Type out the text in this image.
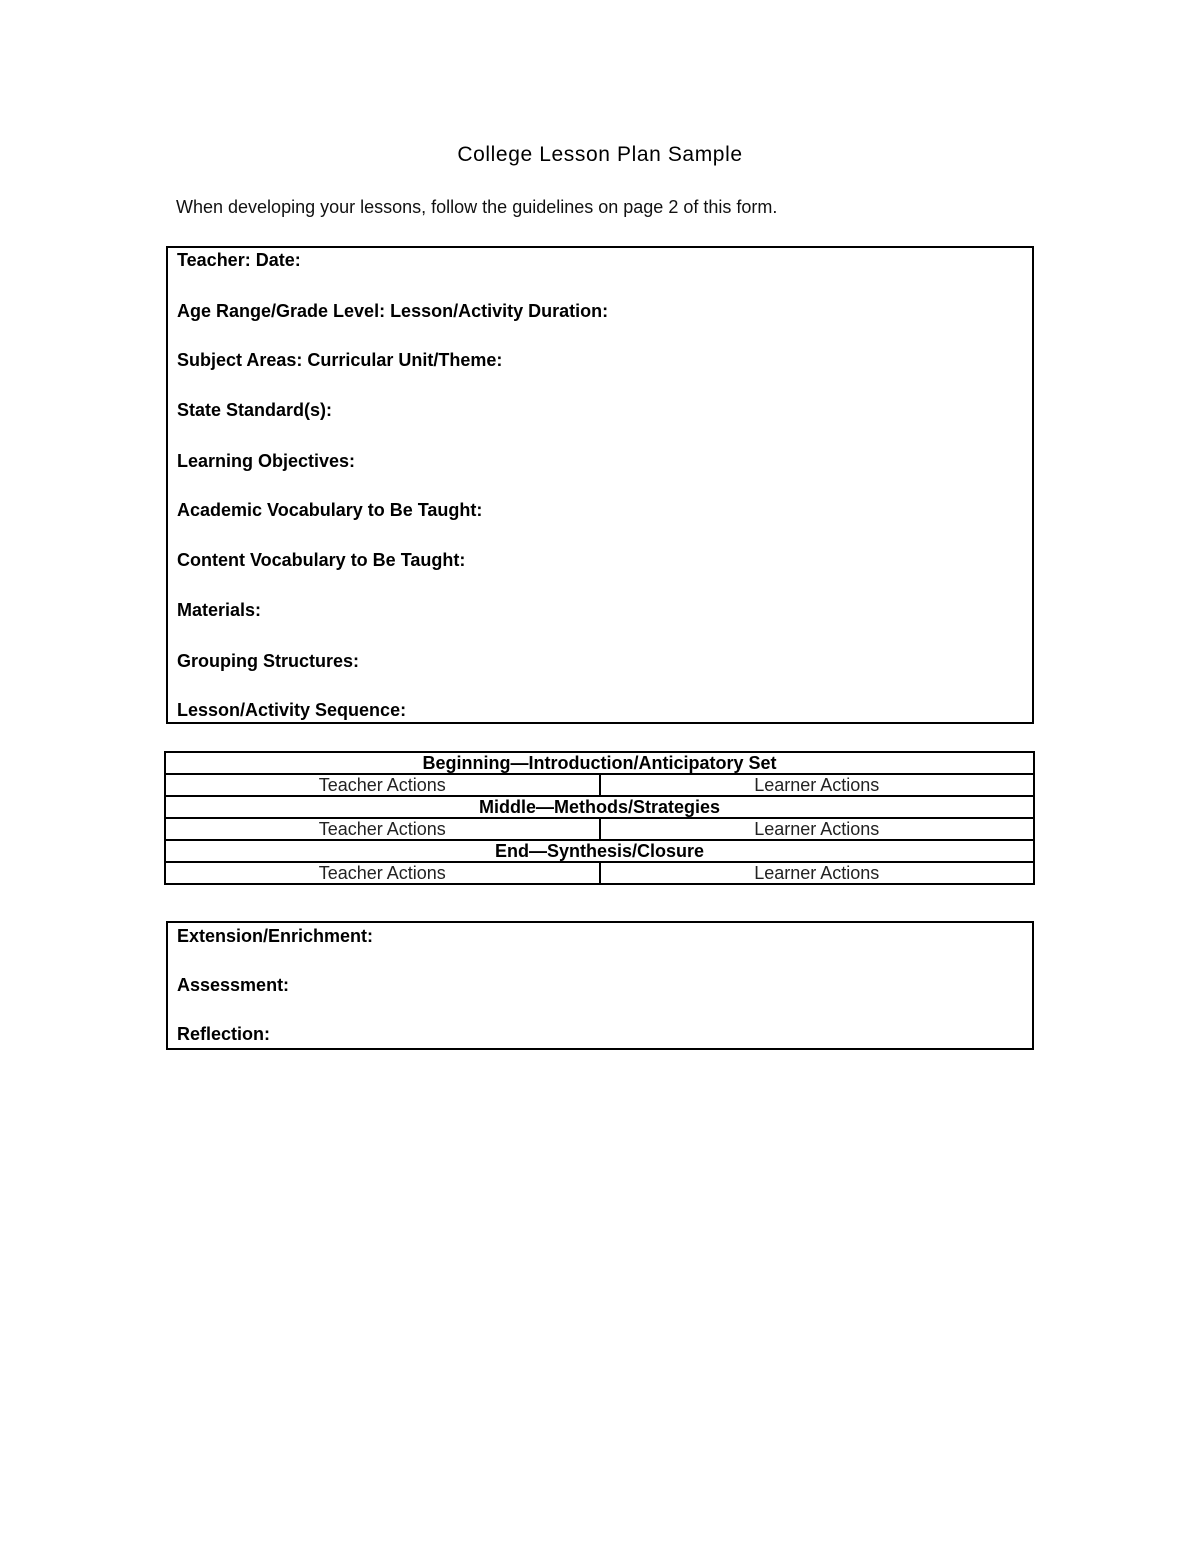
College Lesson Plan Sample
When developing your lessons, follow the guidelines on page 2 of this form.
Teacher: Date:
Age Range/Grade Level: Lesson/Activity Duration:
Subject Areas: Curricular Unit/Theme:
State Standard(s):
Learning Objectives:
Academic Vocabulary to Be Taught:
Content Vocabulary to Be Taught:
Materials:
Grouping Structures:
Lesson/Activity Sequence:
Beginning—Introduction/Anticipatory Set	
Teacher Actions	Learner Actions
Middle—Methods/Strategies	
Teacher Actions	Learner Actions
End—Synthesis/Closure	
Teacher Actions	Learner Actions
Extension/Enrichment:
Assessment:
Reflection:
